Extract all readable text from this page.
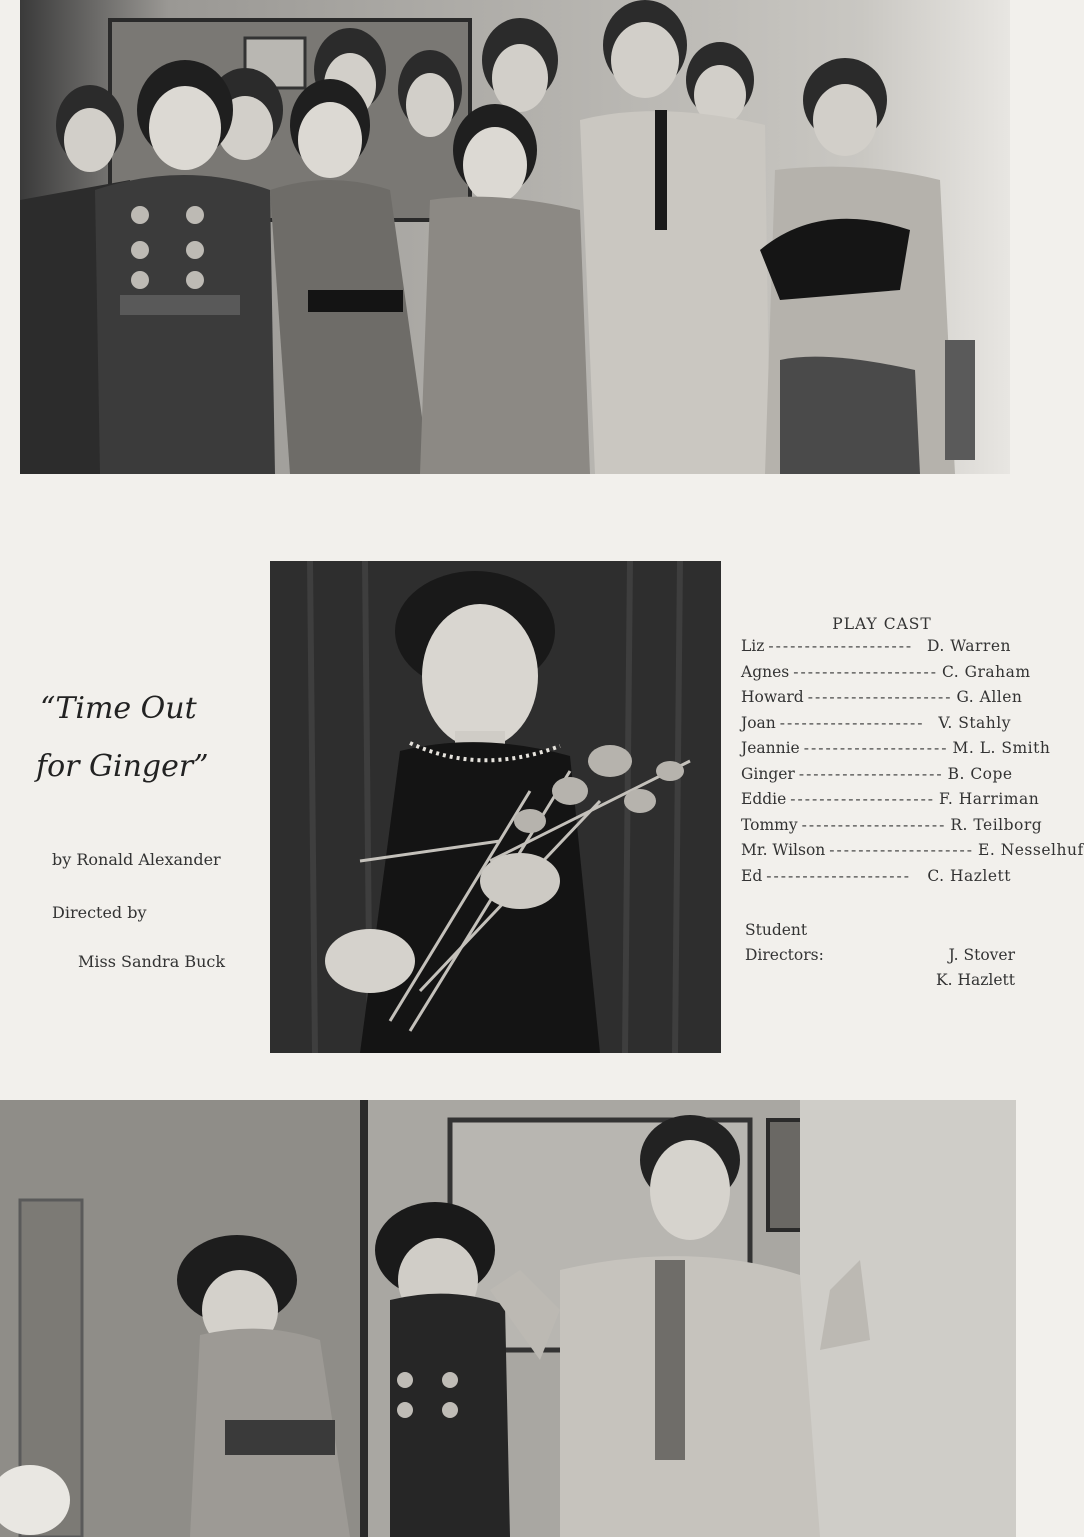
“Time Out
for Ginger”
by Ronald Alexander
Directed by
Miss Sandra Buck
PLAY CAST
Liz -------------------- D. Warren
Agnes -------------------- C. Graham
Howard -------------------- G. Allen
Joan -------------------- V. Stahly
Jeannie -------------------- M. L. Smith
Ginger -------------------- B. Cope
Eddie -------------------- F. Harriman
Tommy -------------------- R. Teilborg
Mr. Wilson -------------------- E. Nesselhuf
Ed --------------------	C. Hazlett
Student
Directors:	J. Stover
K. Hazlett
